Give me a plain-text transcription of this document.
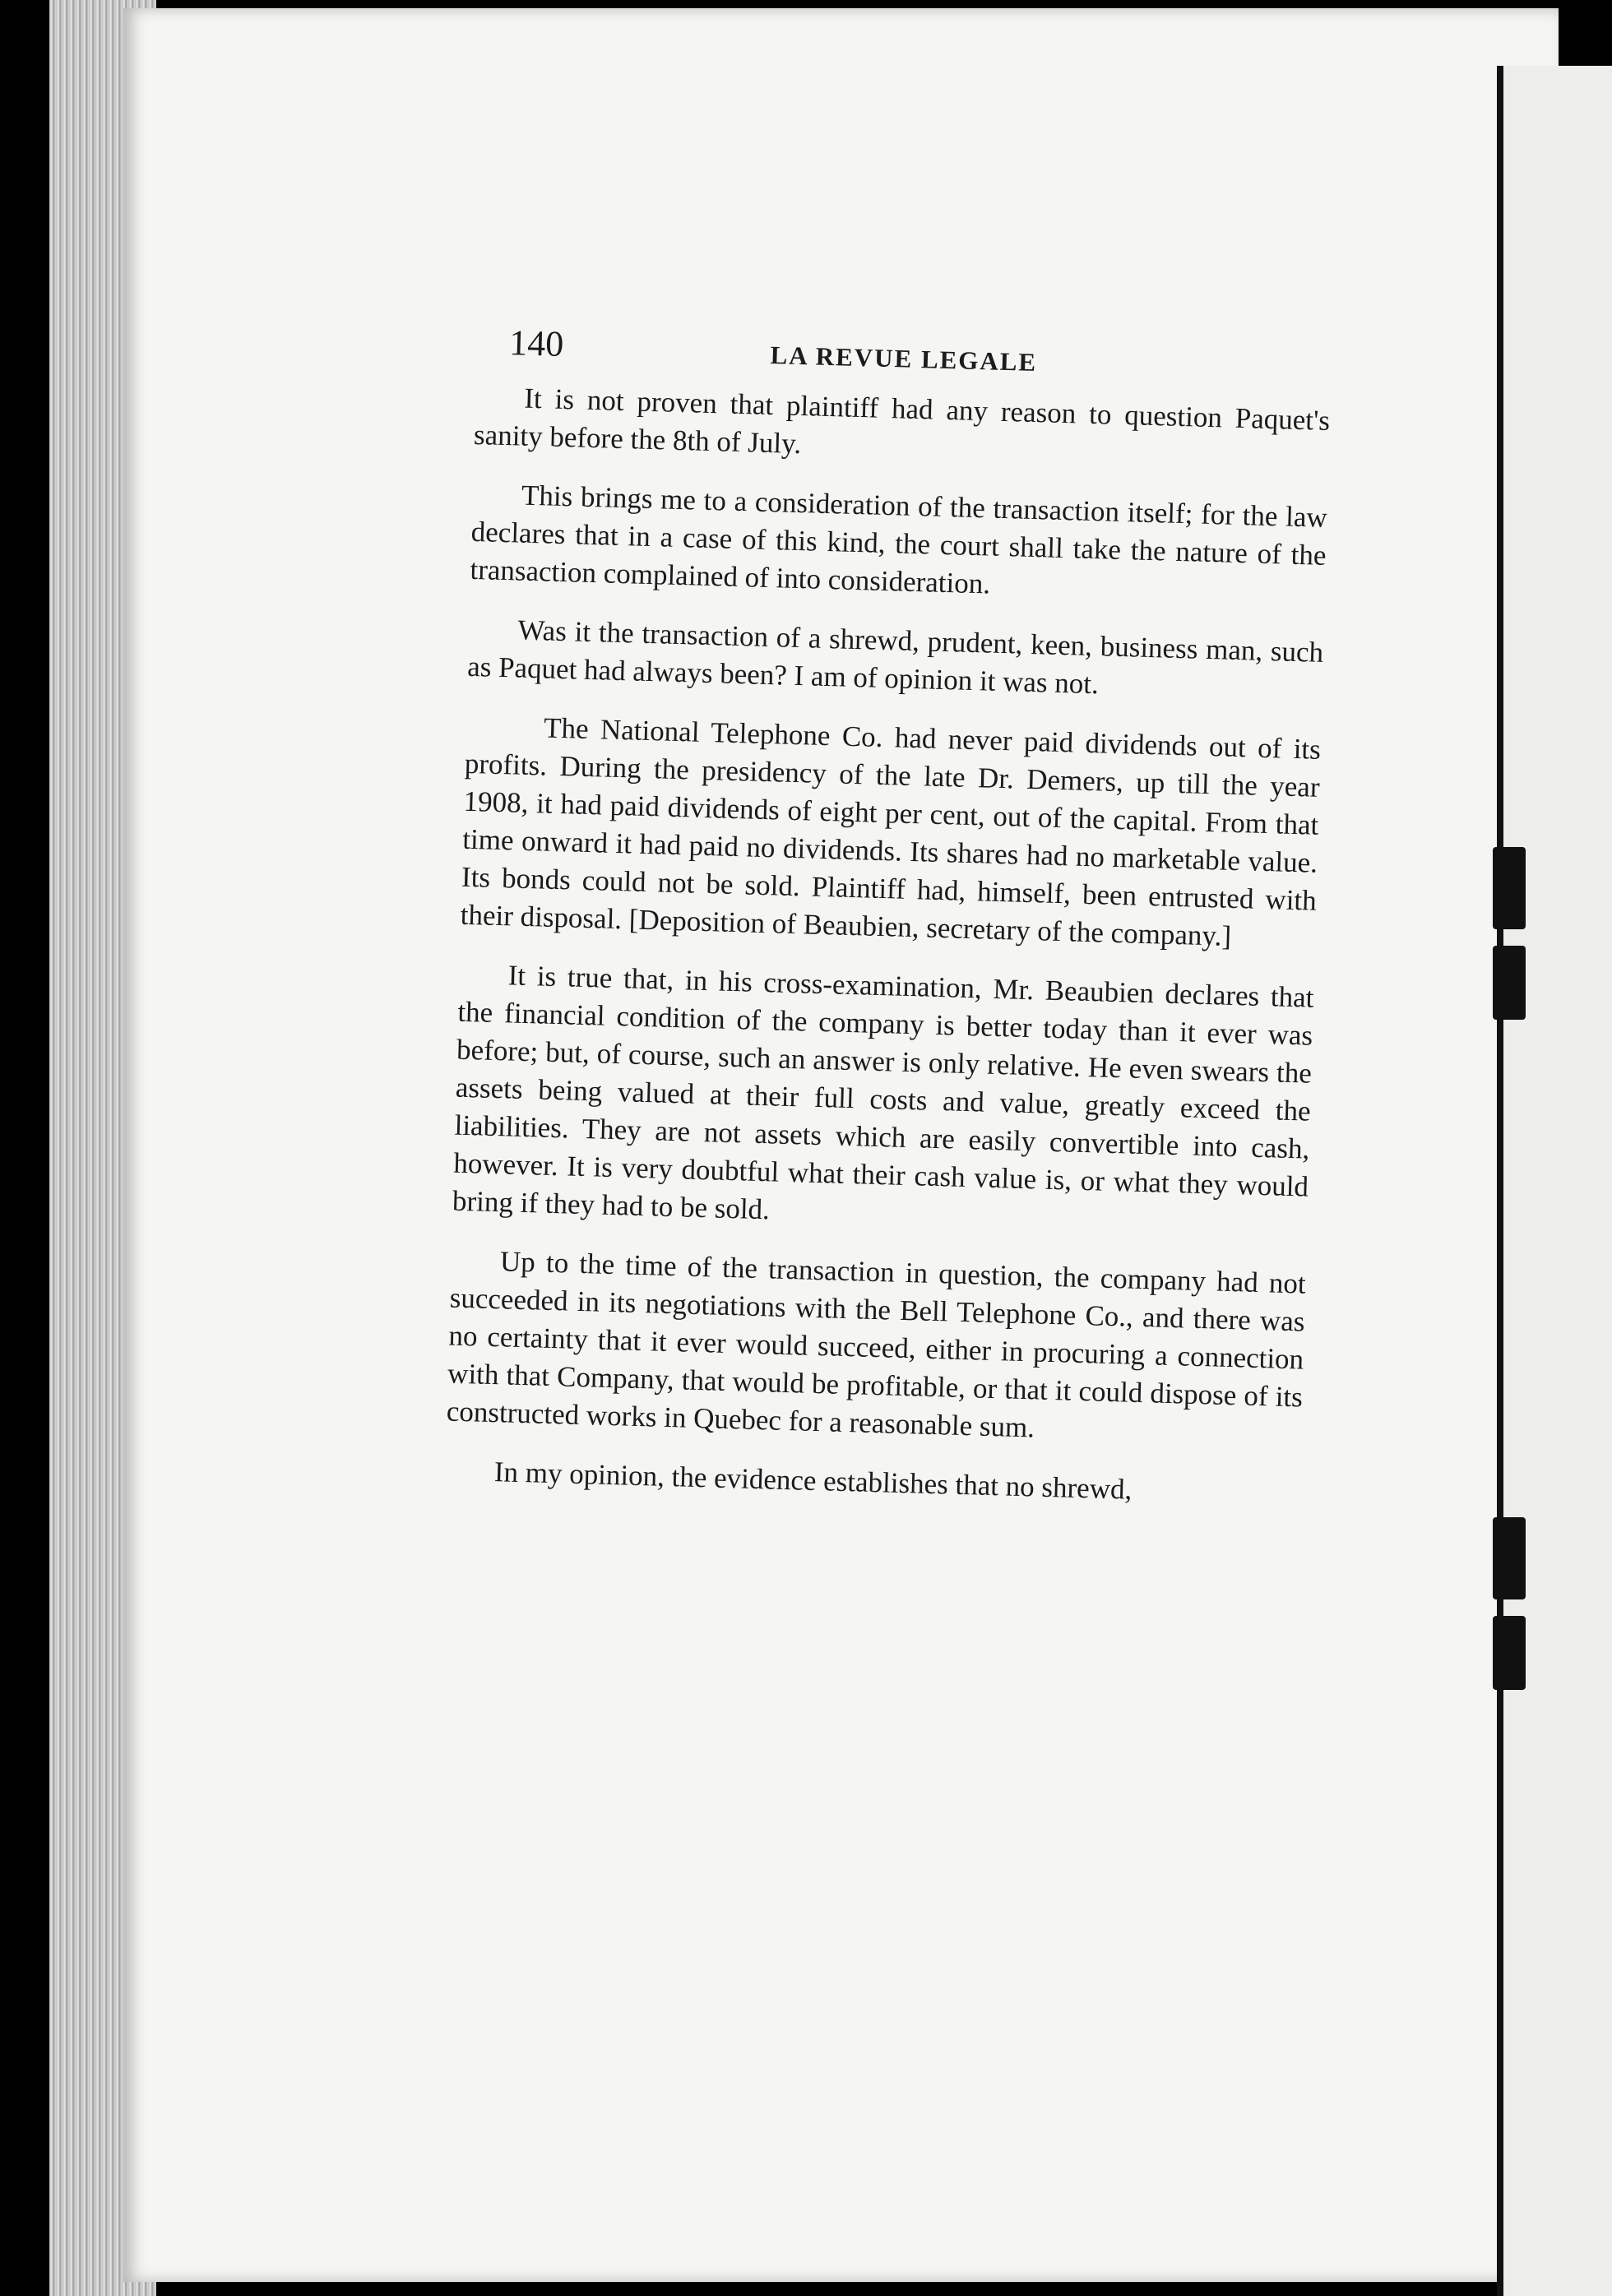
140	LA REVUE LEGALE

It is not proven that plaintiff had any reason to question Paquet's sanity before the 8th of July.

This brings me to a consideration of the transaction itself; for the law declares that in a case of this kind, the court shall take the nature of the transaction complained of into consideration.

Was it the transaction of a shrewd, prudent, keen, business man, such as Paquet had always been? I am of opinion it was not.

The National Telephone Co. had never paid dividends out of its profits. During the presidency of the late Dr. Demers, up till the year 1908, it had paid dividends of eight per cent, out of the capital. From that time onward it had paid no dividends. Its shares had no marketable value. Its bonds could not be sold. Plaintiff had, himself, been entrusted with their disposal. [Deposition of Beaubien, secretary of the company.]

It is true that, in his cross-examination, Mr. Beaubien declares that the financial condition of the company is better today than it ever was before; but, of course, such an answer is only relative. He even swears the assets being valued at their full costs and value, greatly exceed the liabilities. They are not assets which are easily convertible into cash, however. It is very doubtful what their cash value is, or what they would bring if they had to be sold.

Up to the time of the transaction in question, the company had not succeeded in its negotiations with the Bell Telephone Co., and there was no certainty that it ever would succeed, either in procuring a connection with that Company, that would be profitable, or that it could dispose of its constructed works in Quebec for a reasonable sum.

In my opinion, the evidence establishes that no shrewd,
